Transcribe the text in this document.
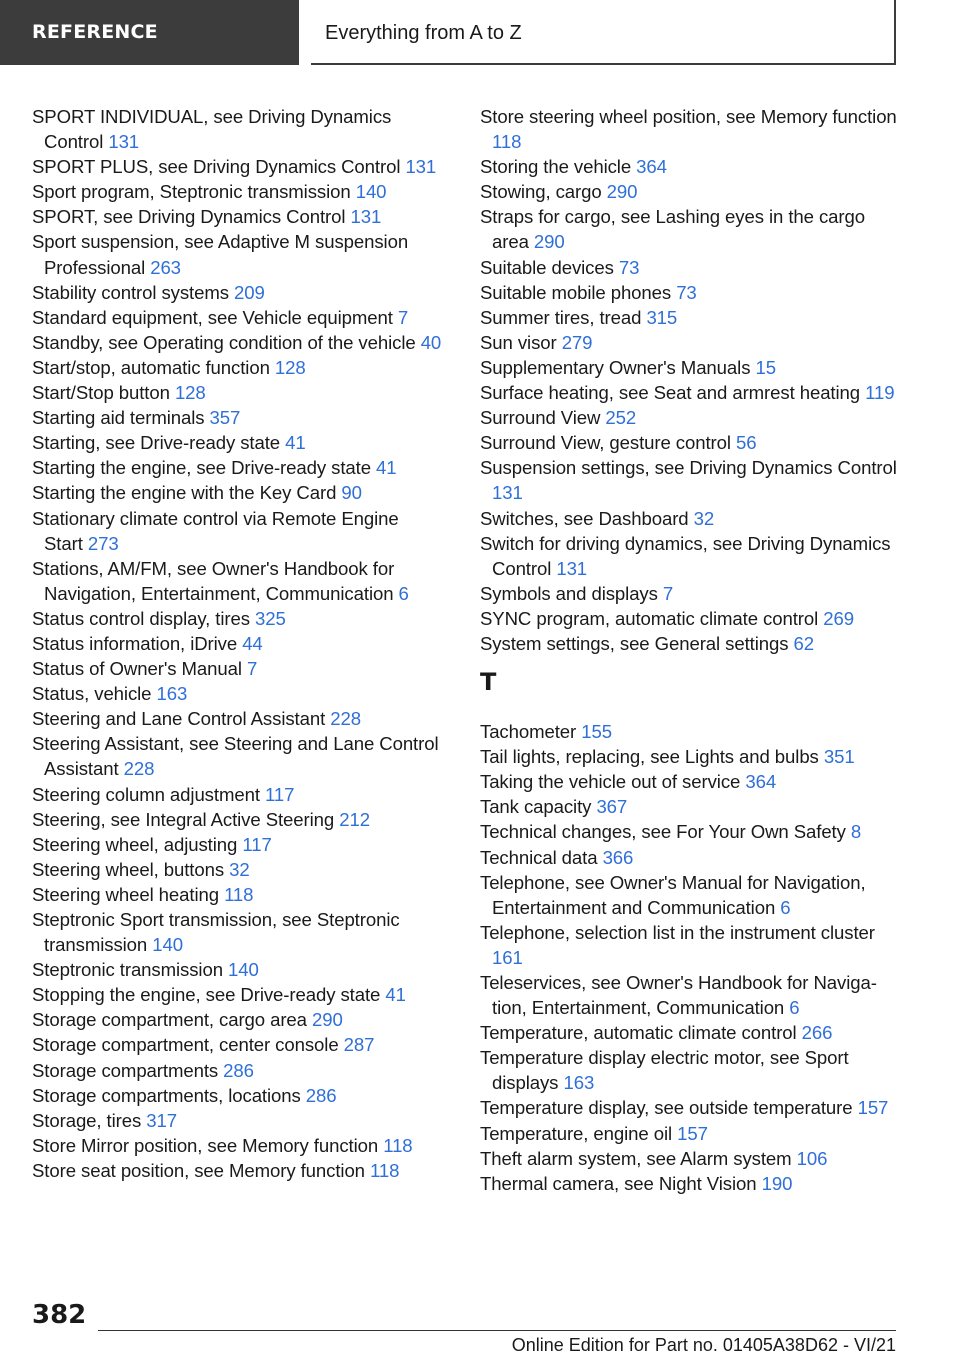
REFERENCE	Everything from A to Z
SPORT INDIVIDUAL, see Driving Dynamics Control 131
SPORT PLUS, see Driving Dynamics Control 131
Sport program, Steptronic transmission 140
SPORT, see Driving Dynamics Control 131
Sport suspension, see Adaptive M suspension Professional 263
Stability control systems 209
Standard equipment, see Vehicle equipment 7
Standby, see Operating condition of the vehicle 40
Start/stop, automatic function 128
Start/Stop button 128
Starting aid terminals 357
Starting, see Drive-ready state 41
Starting the engine, see Drive-ready state 41
Starting the engine with the Key Card 90
Stationary climate control via Remote Engine Start 273
Stations, AM/FM, see Owner's Handbook for Navigation, Entertainment, Communication 6
Status control display, tires 325
Status information, iDrive 44
Status of Owner's Manual 7
Status, vehicle 163
Steering and Lane Control Assistant 228
Steering Assistant, see Steering and Lane Control Assistant 228
Steering column adjustment 117
Steering, see Integral Active Steering 212
Steering wheel, adjusting 117
Steering wheel, buttons 32
Steering wheel heating 118
Steptronic Sport transmission, see Steptronic transmission 140
Steptronic transmission 140
Stopping the engine, see Drive-ready state 41
Storage compartment, cargo area 290
Storage compartment, center console 287
Storage compartments 286
Storage compartments, locations 286
Storage, tires 317
Store Mirror position, see Memory function 118
Store seat position, see Memory function 118
Store steering wheel position, see Memory function 118
Storing the vehicle 364
Stowing, cargo 290
Straps for cargo, see Lashing eyes in the cargo area 290
Suitable devices 73
Suitable mobile phones 73
Summer tires, tread 315
Sun visor 279
Supplementary Owner's Manuals 15
Surface heating, see Seat and armrest heating 119
Surround View 252
Surround View, gesture control 56
Suspension settings, see Driving Dynamics Control 131
Switches, see Dashboard 32
Switch for driving dynamics, see Driving Dynamics Control 131
Symbols and displays 7
SYNC program, automatic climate control 269
System settings, see General settings 62
T
Tachometer 155
Tail lights, replacing, see Lights and bulbs 351
Taking the vehicle out of service 364
Tank capacity 367
Technical changes, see For Your Own Safety 8
Technical data 366
Telephone, see Owner's Manual for Navigation, Entertainment and Communication 6
Telephone, selection list in the instrument cluster 161
Teleservices, see Owner's Handbook for Navigation, Entertainment, Communication 6
Temperature, automatic climate control 266
Temperature display electric motor, see Sport displays 163
Temperature display, see outside temperature 157
Temperature, engine oil 157
Theft alarm system, see Alarm system 106
Thermal camera, see Night Vision 190
382
Online Edition for Part no. 01405A38D62 - VI/21
